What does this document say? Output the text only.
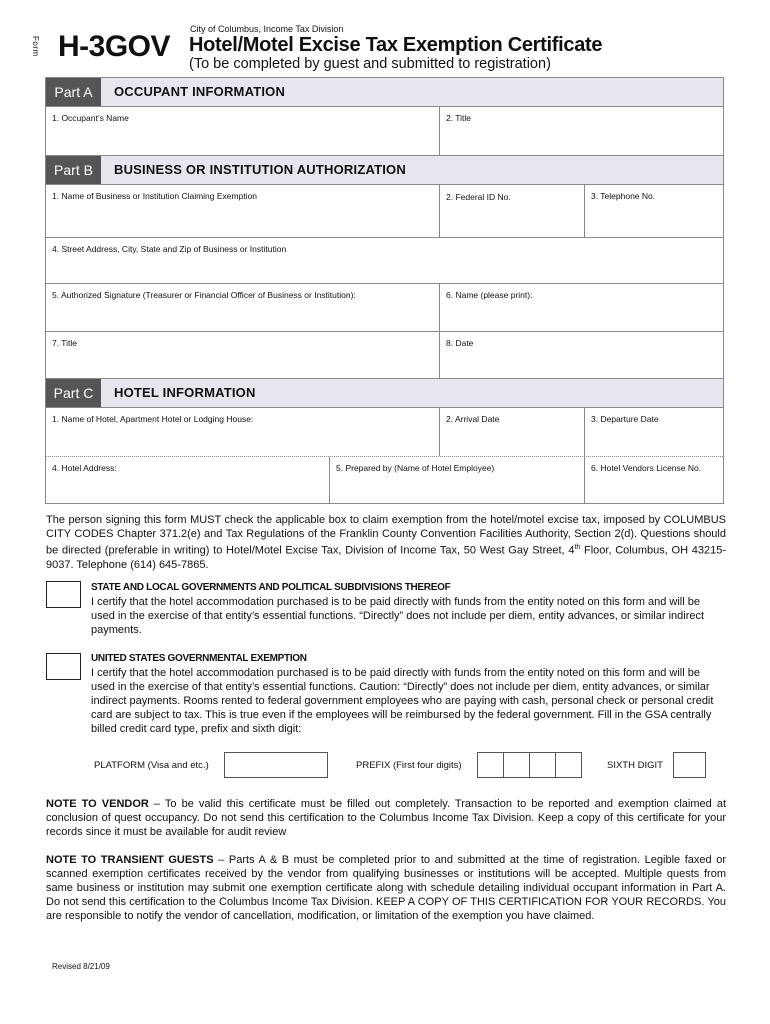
Form H-3GOV
City of Columbus, Income Tax Division
Hotel/Motel Excise Tax Exemption Certificate
(To be completed by guest and submitted to registration)
Part A	OCCUPANT INFORMATION
1. Occupant’s Name	2. Title
Part B	BUSINESS OR INSTITUTION AUTHORIZATION
1. Name of Business or Institution Claiming Exemption	2. Federal ID No.	3. Telephone No.
4. Street Address, City, State and Zip of Business or Institution
5. Authorized Signature (Treasurer or Financial Officer of Business or Institution):	6. Name (please print):
7. Title	8. Date
Part C	HOTEL INFORMATION
1. Name of Hotel, Apartment Hotel or Lodging House:	2. Arrival Date	3. Departure Date
4. Hotel Address:	5. Prepared by (Name of Hotel Employee)	6. Hotel Vendors License No.
The person signing this form MUST check the applicable box to claim exemption from the hotel/motel excise tax, imposed by COLUMBUS CITY CODES Chapter 371.2(e) and Tax Regulations of the Franklin County Convention Facilities Authority, Section 2(d). Questions should be directed (preferable in writing) to Hotel/Motel Excise Tax, Division of Income Tax, 50 West Gay Street, 4th Floor, Columbus, OH 43215-9037. Telephone (614) 645-7865.
STATE AND LOCAL GOVERNMENTS AND POLITICAL SUBDIVISIONS THEREOF
I certify that the hotel accommodation purchased is to be paid directly with funds from the entity noted on this form and will be used in the exercise of that entity’s essential functions. “Directly” does not include per diem, entity advances, or similar indirect payments.
UNITED STATES GOVERNMENTAL EXEMPTION
I certify that the hotel accommodation purchased is to be paid directly with funds from the entity noted on this form and will be used in the exercise of that entity’s essential functions. Caution: “Directly” does not include per diem, entity advances, or similar indirect payments. Rooms rented to federal government employees who are paying with cash, personal check or personal credit card are subject to tax. This is true even if the employees will be reimbursed by the federal government. Fill in the GSA centrally billed credit card type, prefix and sixth digit:
PLATFORM (Visa and etc.)	PREFIX (First four digits)	SIXTH DIGIT
NOTE TO VENDOR – To be valid this certificate must be filled out completely. Transaction to be reported and exemption claimed at conclusion of quest occupancy. Do not send this certification to the Columbus Income Tax Division. Keep a copy of this certificate for your records since it must be available for audit review
NOTE TO TRANSIENT GUESTS – Parts A & B must be completed prior to and submitted at the time of registration. Legible faxed or scanned exemption certificates received by the vendor from qualifying businesses or institutions will be accepted. Multiple quests from same business or institution may submit one exemption certificate along with schedule detailing individual occupant information in Part A. Do not send this certification to the Columbus Income Tax Division. KEEP A COPY OF THIS CERTIFICATION FOR YOUR RECORDS. You are responsible to notify the vendor of cancellation, modification, or limitation of the exemption you have claimed.
Revised 8/21/09
